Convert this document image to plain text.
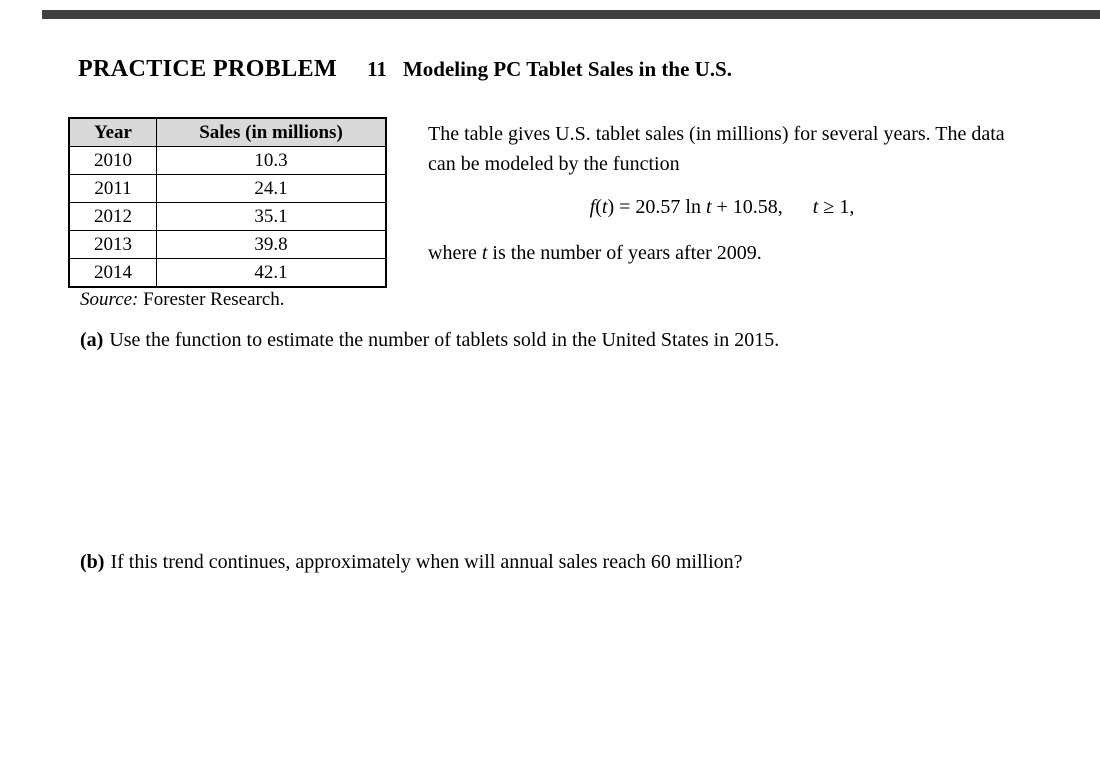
PRACTICE PROBLEM 11 Modeling PC Tablet Sales in the U.S.
Year	Sales (in millions)
2010	10.3
2011	24.1
2012	35.1
2013	39.8
2014	42.1
Source: Forester Research.

The table gives U.S. tablet sales (in millions) for several years. The data can be modeled by the function

f(t) = 20.57 ln t + 10.58, t ≥ 1,
where t is the number of years after 2009.
(a) Use the function to estimate the number of tablets sold in the United States in 2015.
(b) If this trend continues, approximately when will annual sales reach 60 million?
